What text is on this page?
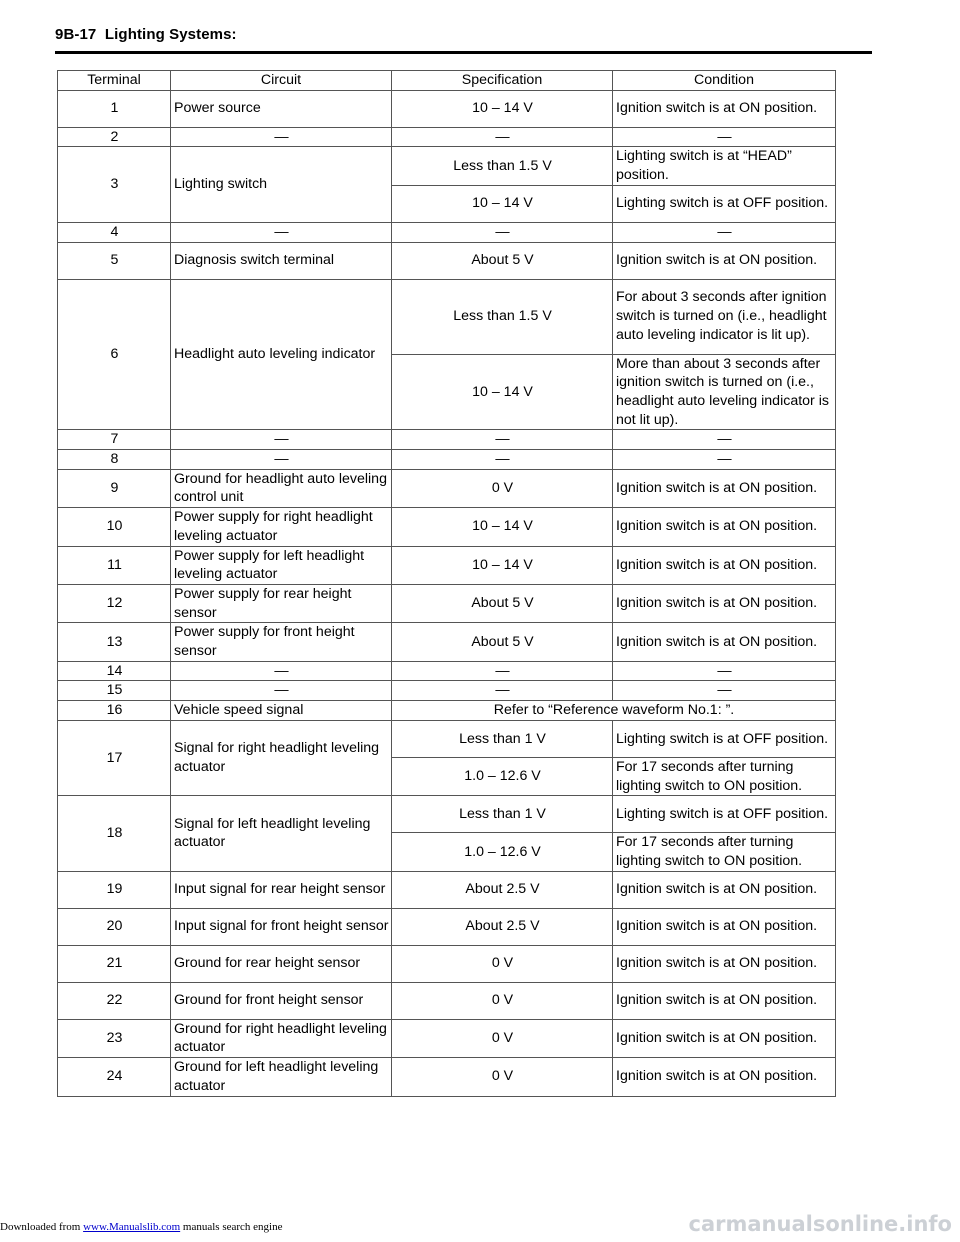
9B-17 Lighting Systems:
Terminal	Circuit	Specification	Condition
1	Power source	10 – 14 V	Ignition switch is at ON position.
2	—	—	—
3	Lighting switch	Less than 1.5 V	Lighting switch is at “HEAD” position.
		10 – 14 V	Lighting switch is at OFF position.
4	—	—	—
5	Diagnosis switch terminal	About 5 V	Ignition switch is at ON position.
6	Headlight auto leveling indicator	Less than 1.5 V	For about 3 seconds after ignition switch is turned on (i.e., headlight auto leveling indicator is lit up).
		10 – 14 V	More than about 3 seconds after ignition switch is turned on (i.e., headlight auto leveling indicator is not lit up).
7	—	—	—
8	—	—	—
9	Ground for headlight auto leveling control unit	0 V	Ignition switch is at ON position.
10	Power supply for right headlight leveling actuator	10 – 14 V	Ignition switch is at ON position.
11	Power supply for left headlight leveling actuator	10 – 14 V	Ignition switch is at ON position.
12	Power supply for rear height sensor	About 5 V	Ignition switch is at ON position.
13	Power supply for front height sensor	About 5 V	Ignition switch is at ON position.
14	—	—	—
15	—	—	—
16	Vehicle speed signal	Refer to “Reference waveform No.1: ”.	
17	Signal for right headlight leveling actuator	Less than 1 V	Lighting switch is at OFF position.
		1.0 – 12.6 V	For 17 seconds after turning lighting switch to ON position.
18	Signal for left headlight leveling actuator	Less than 1 V	Lighting switch is at OFF position.
		1.0 – 12.6 V	For 17 seconds after turning lighting switch to ON position.
19	Input signal for rear height sensor	About 2.5 V	Ignition switch is at ON position.
20	Input signal for front height sensor	About 2.5 V	Ignition switch is at ON position.
21	Ground for rear height sensor	0 V	Ignition switch is at ON position.
22	Ground for front height sensor	0 V	Ignition switch is at ON position.
23	Ground for right headlight leveling actuator	0 V	Ignition switch is at ON position.
24	Ground for left headlight leveling actuator	0 V	Ignition switch is at ON position.
Downloaded from www.Manualslib.com manuals search engine	carmanualsonline.info
